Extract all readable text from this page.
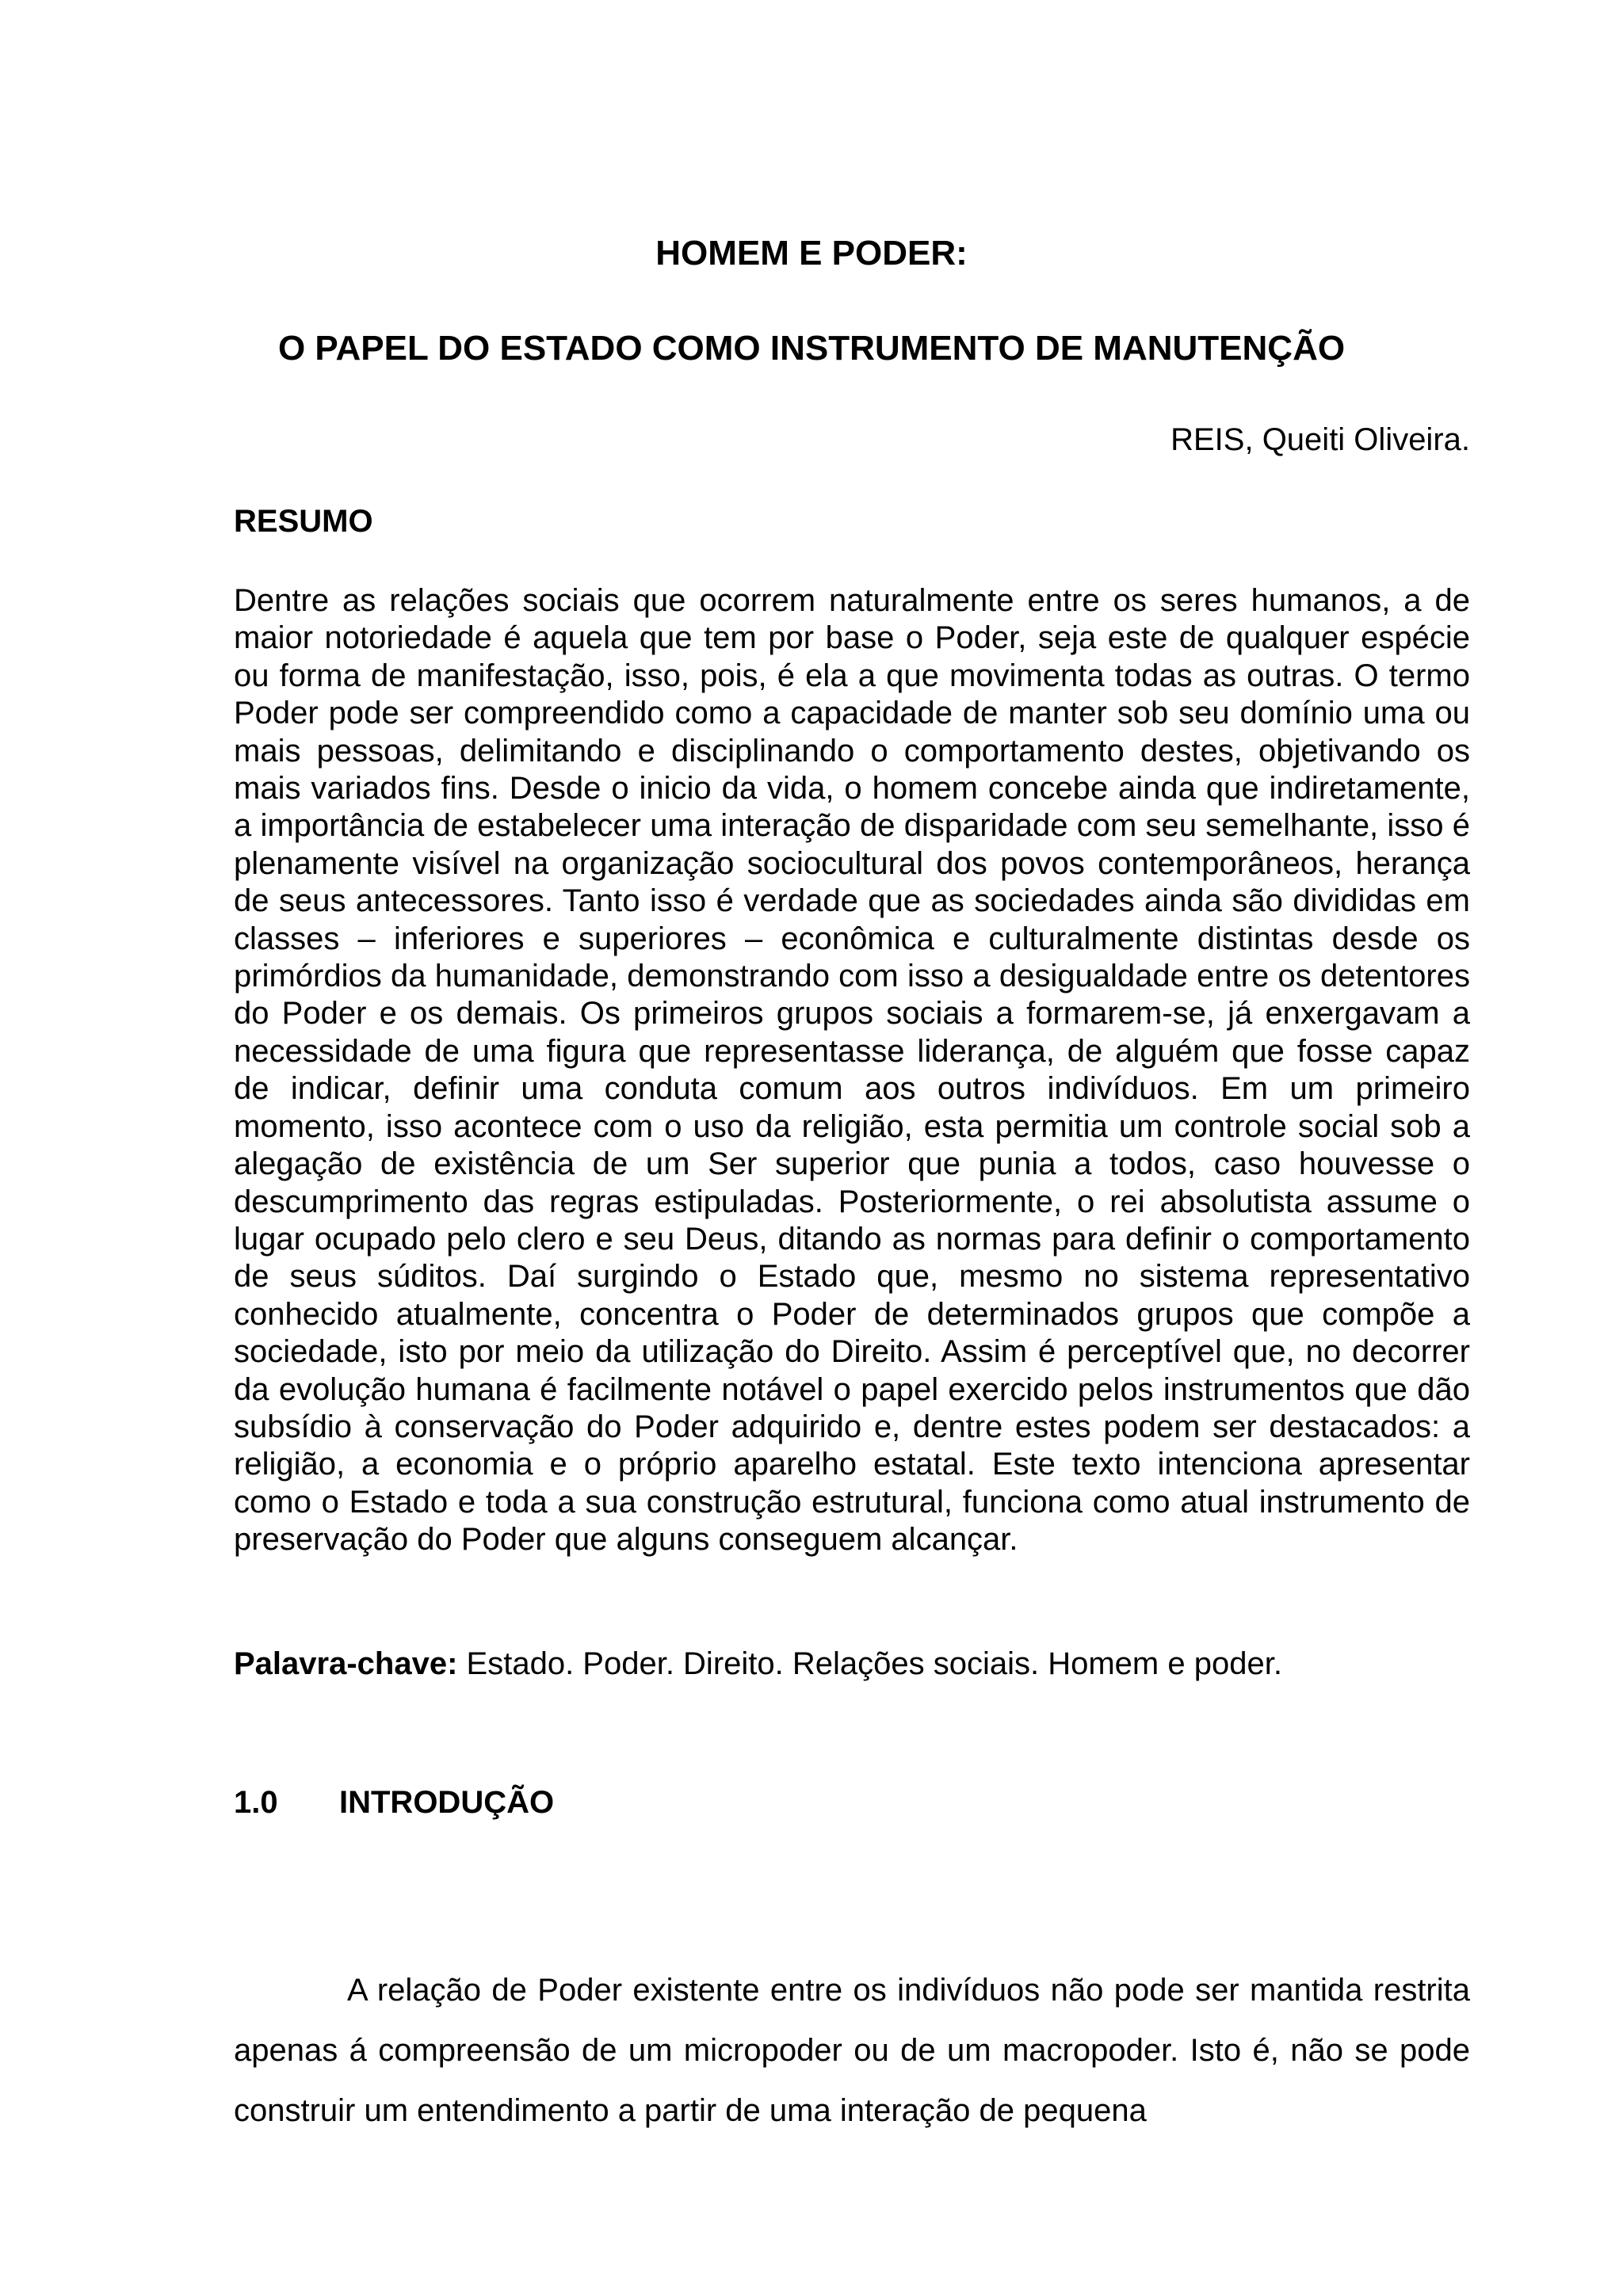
HOMEM E PODER:
O PAPEL DO ESTADO COMO INSTRUMENTO DE MANUTENÇÃO

REIS, Queiti Oliveira.

RESUMO

Dentre as relações sociais que ocorrem naturalmente entre os seres humanos, a de maior notoriedade é aquela que tem por base o Poder, seja este de qualquer espécie ou forma de manifestação, isso, pois, é ela a que movimenta todas as outras. O termo Poder pode ser compreendido como a capacidade de manter sob seu domínio uma ou mais pessoas, delimitando e disciplinando o comportamento destes, objetivando os mais variados fins. Desde o inicio da vida, o homem concebe ainda que indiretamente, a importância de estabelecer uma interação de disparidade com seu semelhante, isso é plenamente visível na organização sociocultural dos povos contemporâneos, herança de seus antecessores. Tanto isso é verdade que as sociedades ainda são divididas em classes – inferiores e superiores – econômica e culturalmente distintas desde os primórdios da humanidade, demonstrando com isso a desigualdade entre os detentores do Poder e os demais. Os primeiros grupos sociais a formarem-se, já enxergavam a necessidade de uma figura que representasse liderança, de alguém que fosse capaz de indicar, definir uma conduta comum aos outros indivíduos. Em um primeiro momento, isso acontece com o uso da religião, esta permitia um controle social sob a alegação de existência de um Ser superior que punia a todos, caso houvesse o descumprimento das regras estipuladas. Posteriormente, o rei absolutista assume o lugar ocupado pelo clero e seu Deus, ditando as normas para definir o comportamento de seus súditos. Daí surgindo o Estado que, mesmo no sistema representativo conhecido atualmente, concentra o Poder de determinados grupos que compõe a sociedade, isto por meio da utilização do Direito. Assim é perceptível que, no decorrer da evolução humana é facilmente notável o papel exercido pelos instrumentos que dão subsídio à conservação do Poder adquirido e, dentre estes podem ser destacados: a religião, a economia e o próprio aparelho estatal. Este texto intenciona apresentar como o Estado e toda a sua construção estrutural, funciona como atual instrumento de preservação do Poder que alguns conseguem alcançar.

Palavra-chave: Estado. Poder. Direito. Relações sociais. Homem e poder.

1.0 INTRODUÇÃO

A relação de Poder existente entre os indivíduos não pode ser mantida restrita apenas á compreensão de um micropoder ou de um macropoder. Isto é, não se pode construir um entendimento a partir de uma interação de pequena
